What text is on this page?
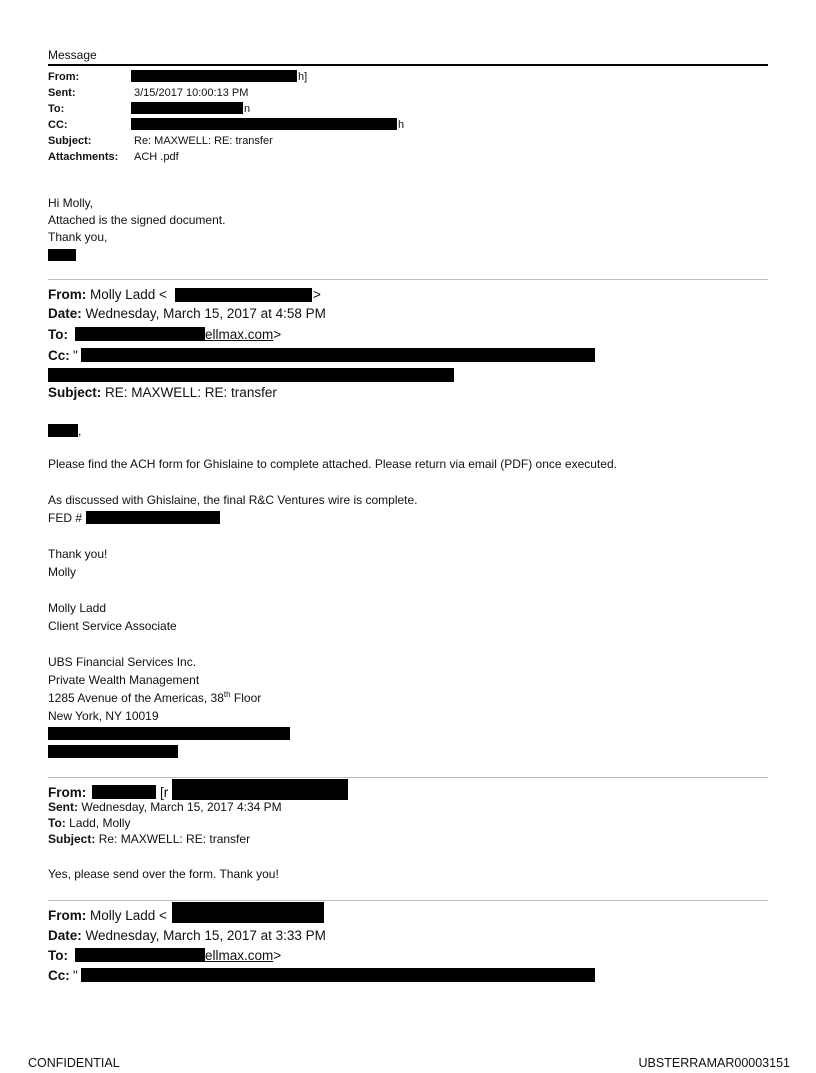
Message
From:	h]
Sent:	3/15/2017 10:00:13 PM
To:	n
CC:	h
Subject:	Re: MAXWELL: RE: transfer
Attachments: ACH .pdf
Hi Molly,
Attached is the signed document.
Thank you,
From: Molly Ladd <	>
Date: Wednesday, March 15, 2017 at 4:58 PM
To:	ellmax.com>
Cc: "
Subject: RE: MAXWELL: RE: transfer
,
Please find the ACH form for Ghislaine to complete attached. Please return via email (PDF) once executed.
As discussed with Ghislaine, the final R&C Ventures wire is complete.
FED #
Thank you!
Molly
Molly Ladd
Client Service Associate
UBS Financial Services Inc.
Private Wealth Management
1285 Avenue of the Americas, 38th Floor
New York, NY 10019
From:	[r
Sent: Wednesday, March 15, 2017 4:34 PM
To: Ladd, Molly
Subject: Re: MAXWELL: RE: transfer
Yes, please send over the form. Thank you!
From: Molly Ladd <
Date: Wednesday, March 15, 2017 at 3:33 PM
To:	ellmax.com>
Cc: "
CONFIDENTIAL	UBSTERRAMAR00003151
